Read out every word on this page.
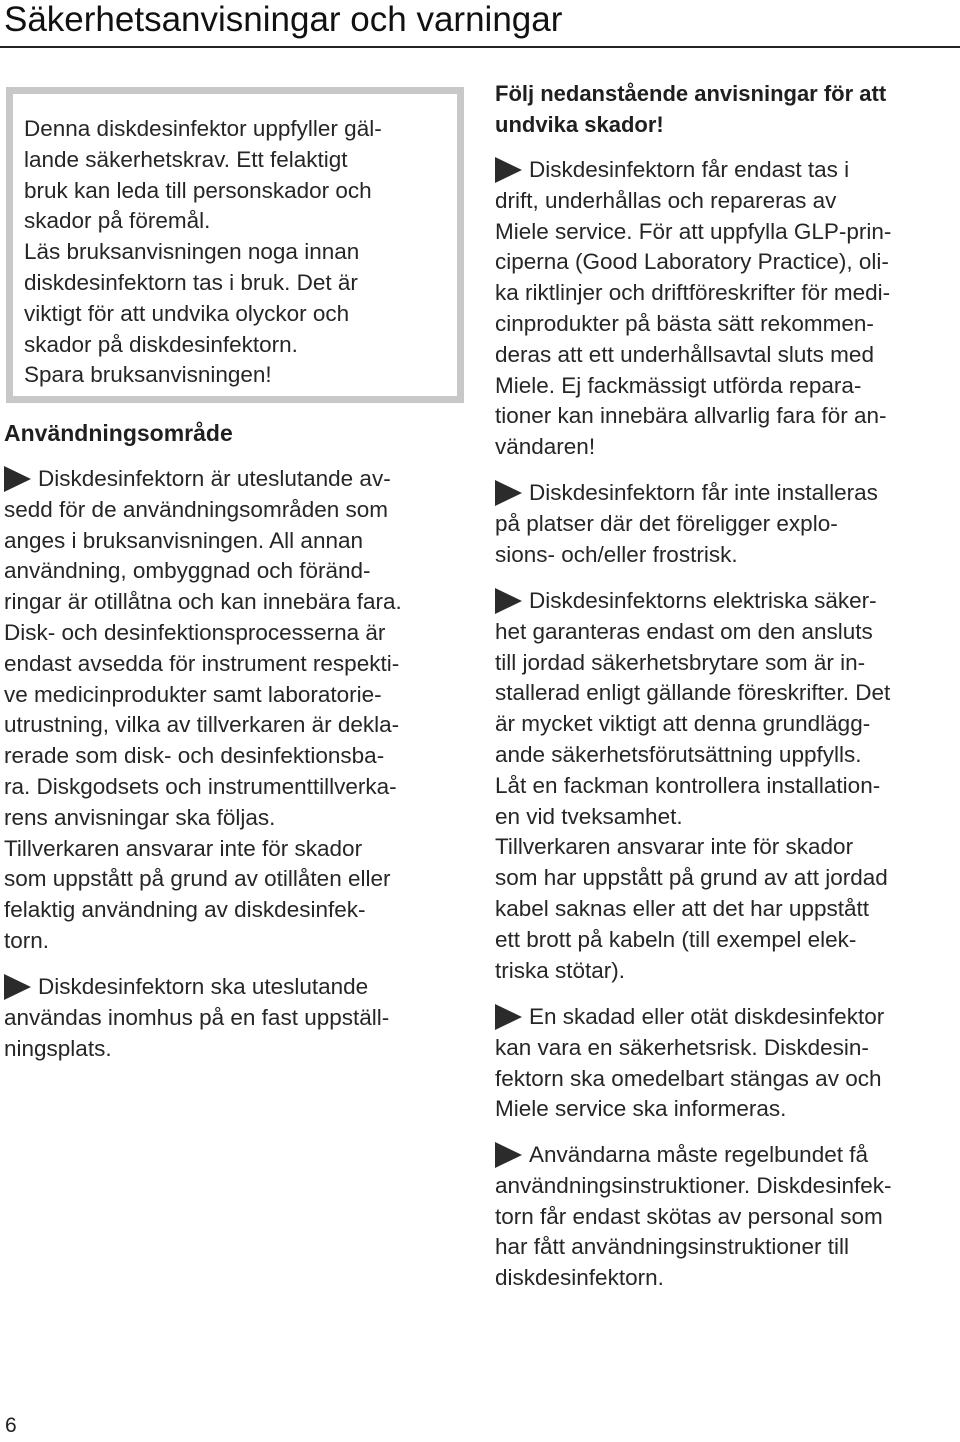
Säkerhetsanvisningar och varningar

Denna diskdesinfektor uppfyller gäl-

lande säkerhetskrav. Ett felaktigt

bruk kan leda till personskador och

skador på föremål.

Läs bruksanvisningen noga innan

diskdesinfektorn tas i bruk. Det är

viktigt för att undvika olyckor och

skador på diskdesinfektorn.

Spara bruksanvisningen!

Användningsområde

Diskdesinfektorn är uteslutande av-

sedd för de användningsområden som

anges i bruksanvisningen. All annan

användning, ombyggnad och föränd-

ringar är otillåtna och kan innebära fara.

Disk- och desinfektionsprocesserna är

endast avsedda för instrument respekti-

ve medicinprodukter samt laboratorie-

utrustning, vilka av tillverkaren är dekla-

rerade som disk- och desinfektionsba-

ra. Diskgodsets och instrumenttillverka-

rens anvisningar ska följas.

Tillverkaren ansvarar inte för skador

som uppstått på grund av otillåten eller

felaktig användning av diskdesinfek-

torn.

Diskdesinfektorn ska uteslutande

användas inomhus på en fast uppställ-

ningsplats.

Följ nedanstående anvisningar för att
undvika skador!

Diskdesinfektorn får endast tas i

drift, underhållas och repareras av

Miele service. För att uppfylla GLP-prin-

ciperna (Good Laboratory Practice), oli-

ka riktlinjer och driftföreskrifter för medi-

cinprodukter på bästa sätt rekommen-

deras att ett underhållsavtal sluts med

Miele. Ej fackmässigt utförda repara-

tioner kan innebära allvarlig fara för an-

vändaren!

Diskdesinfektorn får inte installeras

på platser där det föreligger explo-

sions- och/eller frostrisk.

Diskdesinfektorns elektriska säker-

het garanteras endast om den ansluts

till jordad säkerhetsbrytare som är in-

stallerad enligt gällande föreskrifter. Det

är mycket viktigt att denna grundlägg-

ande säkerhetsförutsättning uppfylls.

Låt en fackman kontrollera installation-

en vid tveksamhet.

Tillverkaren ansvarar inte för skador

som har uppstått på grund av att jordad

kabel saknas eller att det har uppstått

ett brott på kabeln (till exempel elek-

triska stötar).

En skadad eller otät diskdesinfektor

kan vara en säkerhetsrisk. Diskdesin-

fektorn ska omedelbart stängas av och

Miele service ska informeras.

Användarna måste regelbundet få

användningsinstruktioner. Diskdesinfek-

torn får endast skötas av personal som

har fått användningsinstruktioner till

diskdesinfektorn.

6
